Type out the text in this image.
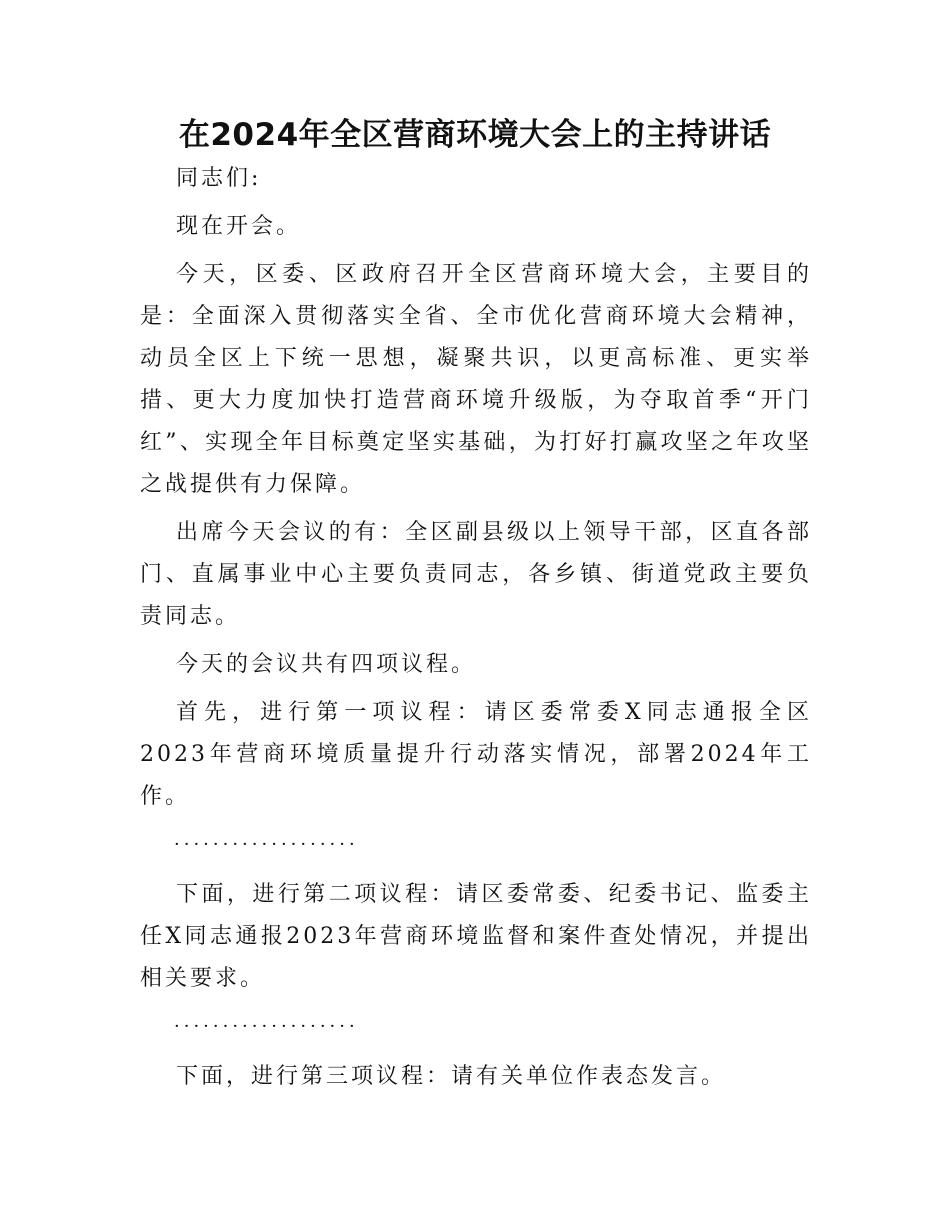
在2024年全区营商环境大会上的主持讲话

同志们:

现在开会。

今天，区委、区政府召开全区营商环境大会，主要目的是：全面深入贯彻落实全省、全市优化营商环境大会精神，动员全区上下统一思想，凝聚共识，以更高标准、更实举措、更大力度加快打造营商环境升级版，为夺取首季“开门红”、实现全年目标奠定坚实基础，为打好打赢攻坚之年攻坚之战提供有力保障。

出席今天会议的有：全区副县级以上领导干部，区直各部门、直属事业中心主要负责同志，各乡镇、街道党政主要负责同志。

今天的会议共有四项议程。

首先，进行第一项议程：请区委常委X同志通报全区2023年营商环境质量提升行动落实情况，部署2024年工作。

···················

下面，进行第二项议程：请区委常委、纪委书记、监委主任X同志通报2023年营商环境监督和案件查处情况，并提出相关要求。

···················

下面，进行第三项议程：请有关单位作表态发言。
